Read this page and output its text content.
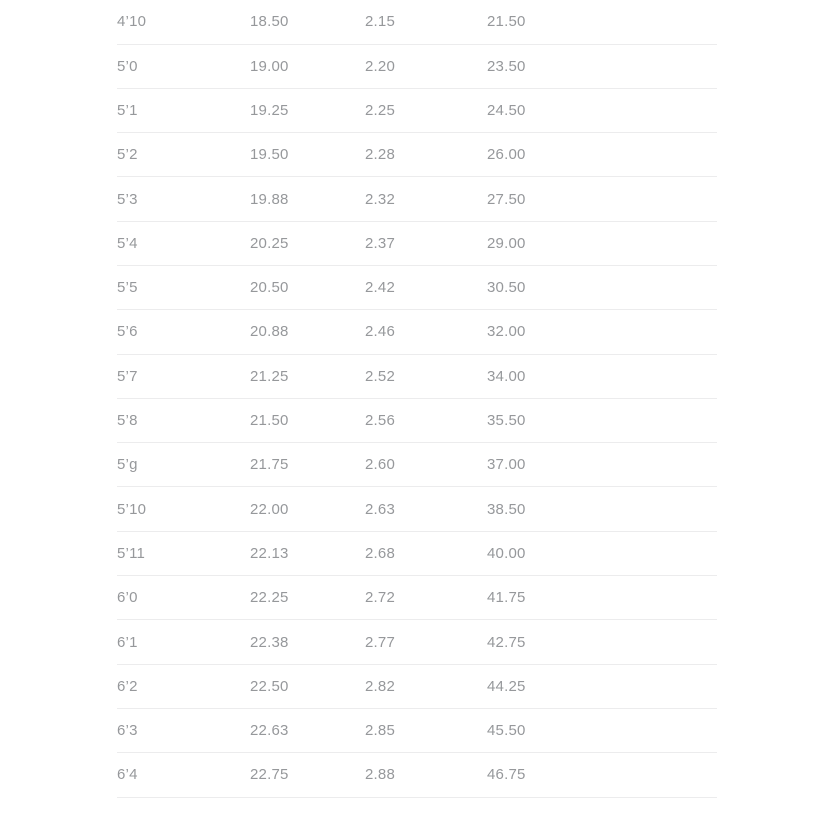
4’10	18.50	2.15	21.50
5’0	19.00	2.20	23.50
5’1	19.25	2.25	24.50
5’2	19.50	2.28	26.00
5’3	19.88	2.32	27.50
5’4	20.25	2.37	29.00
5’5	20.50	2.42	30.50
5’6	20.88	2.46	32.00
5’7	21.25	2.52	34.00
5’8	21.50	2.56	35.50
5’g	21.75	2.60	37.00
5’10	22.00	2.63	38.50
5’11	22.13	2.68	40.00
6’0	22.25	2.72	41.75
6’1	22.38	2.77	42.75
6’2	22.50	2.82	44.25
6’3	22.63	2.85	45.50
6’4	22.75	2.88	46.75
